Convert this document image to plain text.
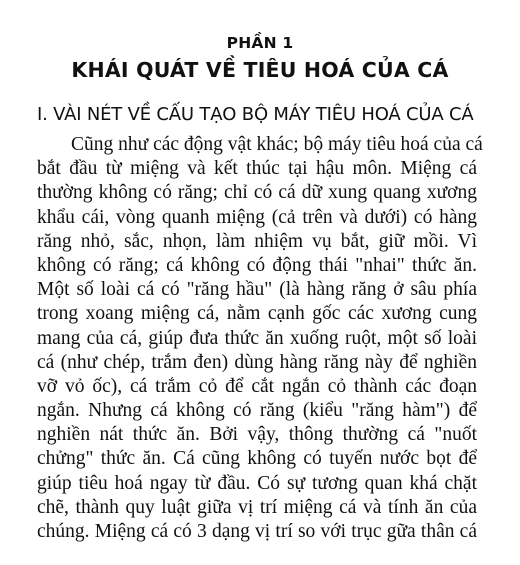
PHẦN 1
KHÁI QUÁT VỀ TIÊU HOÁ CỦA CÁ
I. VÀI NÉT VỀ CẤU TẠO BỘ MÁY TIÊU HOÁ CỦA CÁ
Cũng như các động vật khác; bộ máy tiêu hoá của cá
bắt đầu từ miệng và kết thúc tại hậu môn. Miệng cá
thường không có răng; chỉ có cá dữ xung quang xương
khẩu cái, vòng quanh miệng (cả trên và dưới) có hàng
răng nhỏ, sắc, nhọn, làm nhiệm vụ bắt, giữ mồi. Vì
không có răng; cá không có động thái "nhai" thức ăn.
Một số loài cá có "răng hầu" (là hàng răng ở sâu phía
trong xoang miệng cá, nằm cạnh gốc các xương cung
mang của cá, giúp đưa thức ăn xuống ruột, một số loài
cá (như chép, trắm đen) dùng hàng răng này để nghiền
vỡ vỏ ốc), cá trắm cỏ để cắt ngắn cỏ thành các đoạn
ngắn. Nhưng cá không có răng (kiểu "răng hàm") để
nghiền nát thức ăn. Bởi vậy, thông thường cá "nuốt
chửng" thức ăn. Cá cũng không có tuyến nước bọt để
giúp tiêu hoá ngay từ đầu. Có sự tương quan khá chặt
chẽ, thành quy luật giữa vị trí miệng cá và tính ăn của
chúng. Miệng cá có 3 dạng vị trí so với trục gữa thân cá
